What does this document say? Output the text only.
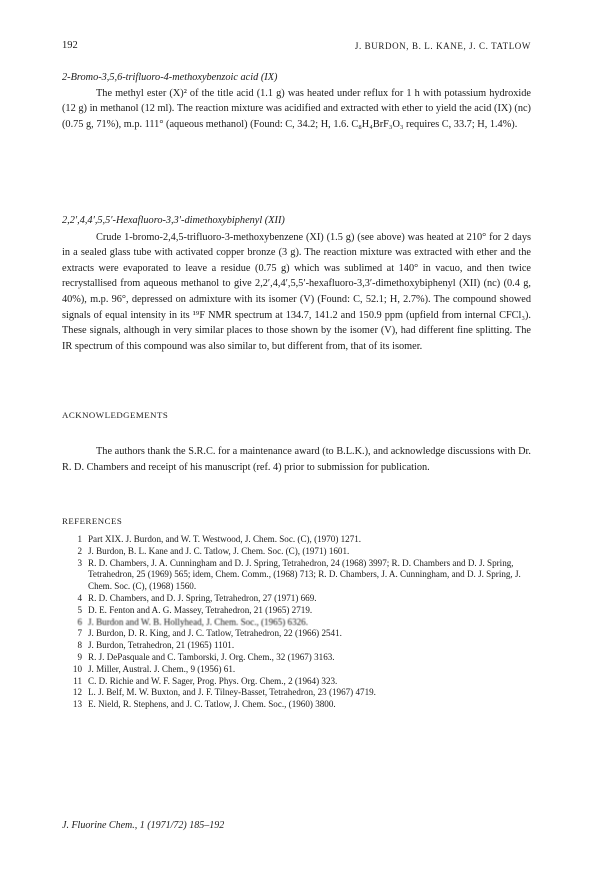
192	J. BURDON, B. L. KANE, J. C. TATLOW
2-Bromo-3,5,6-trifluoro-4-methoxybenzoic acid (IX)
The methyl ester (X)² of the title acid (1.1 g) was heated under reflux for 1 h with potassium hydroxide (12 g) in methanol (12 ml). The reaction mixture was acidified and extracted with ether to yield the acid (IX) (nc) (0.75 g, 71%), m.p. 111° (aqueous methanol) (Found: C, 34.2; H, 1.6. C₈H₄BrF₃O₃ requires C, 33.7; H, 1.4%).
2,2′,4,4′,5,5′-Hexafluoro-3,3′-dimethoxybiphenyl (XII)
Crude 1-bromo-2,4,5-trifluoro-3-methoxybenzene (XI) (1.5 g) (see above) was heated at 210° for 2 days in a sealed glass tube with activated copper bronze (3 g). The reaction mixture was extracted with ether and the extracts were evaporated to leave a residue (0.75 g) which was sublimed at 140° in vacuo, and then twice recrystallised from aqueous methanol to give 2,2′,4,4′,5,5′-hexafluoro-3,3′-dimethoxybiphenyl (XII) (nc) (0.4 g, 40%), m.p. 96°, depressed on admixture with its isomer (V) (Found: C, 52.1; H, 2.7%). The compound showed signals of equal intensity in its ¹⁹F NMR spectrum at 134.7, 141.2 and 150.9 ppm (upfield from internal CFCl₃). These signals, although in very similar places to those shown by the isomer (V), had different fine splitting. The IR spectrum of this compound was also similar to, but different from, that of its isomer.
ACKNOWLEDGEMENTS
The authors thank the S.R.C. for a maintenance award (to B.L.K.), and acknowledge discussions with Dr. R. D. Chambers and receipt of his manuscript (ref. 4) prior to submission for publication.
REFERENCES
1 Part XIX. J. Burdon, and W. T. Westwood, J. Chem. Soc. (C), (1970) 1271.
2 J. Burdon, B. L. Kane and J. C. Tatlow, J. Chem. Soc. (C), (1971) 1601.
3 R. D. Chambers, J. A. Cunningham and D. J. Spring, Tetrahedron, 24 (1968) 3997; R. D. Chambers and D. J. Spring, Tetrahedron, 25 (1969) 565; idem, Chem. Comm., (1968) 713; R. D. Chambers, J. A. Cunningham, and D. J. Spring, J. Chem. Soc. (C), (1968) 1560.
4 R. D. Chambers, and D. J. Spring, Tetrahedron, 27 (1971) 669.
5 D. E. Fenton and A. G. Massey, Tetrahedron, 21 (1965) 2719.
6 J. Burdon and W. B. Hollyhead, J. Chem. Soc., (1965) 6326.
7 J. Burdon, D. R. King, and J. C. Tatlow, Tetrahedron, 22 (1966) 2541.
8 J. Burdon, Tetrahedron, 21 (1965) 1101.
9 R. J. DePasquale and C. Tamborski, J. Org. Chem., 32 (1967) 3163.
10 J. Miller, Austral. J. Chem., 9 (1956) 61.
11 C. D. Richie and W. F. Sager, Prog. Phys. Org. Chem., 2 (1964) 323.
12 L. J. Belf, M. W. Buxton, and J. F. Tilney-Basset, Tetrahedron, 23 (1967) 4719.
13 E. Nield, R. Stephens, and J. C. Tatlow, J. Chem. Soc., (1960) 3800.
J. Fluorine Chem., 1 (1971/72) 185–192
